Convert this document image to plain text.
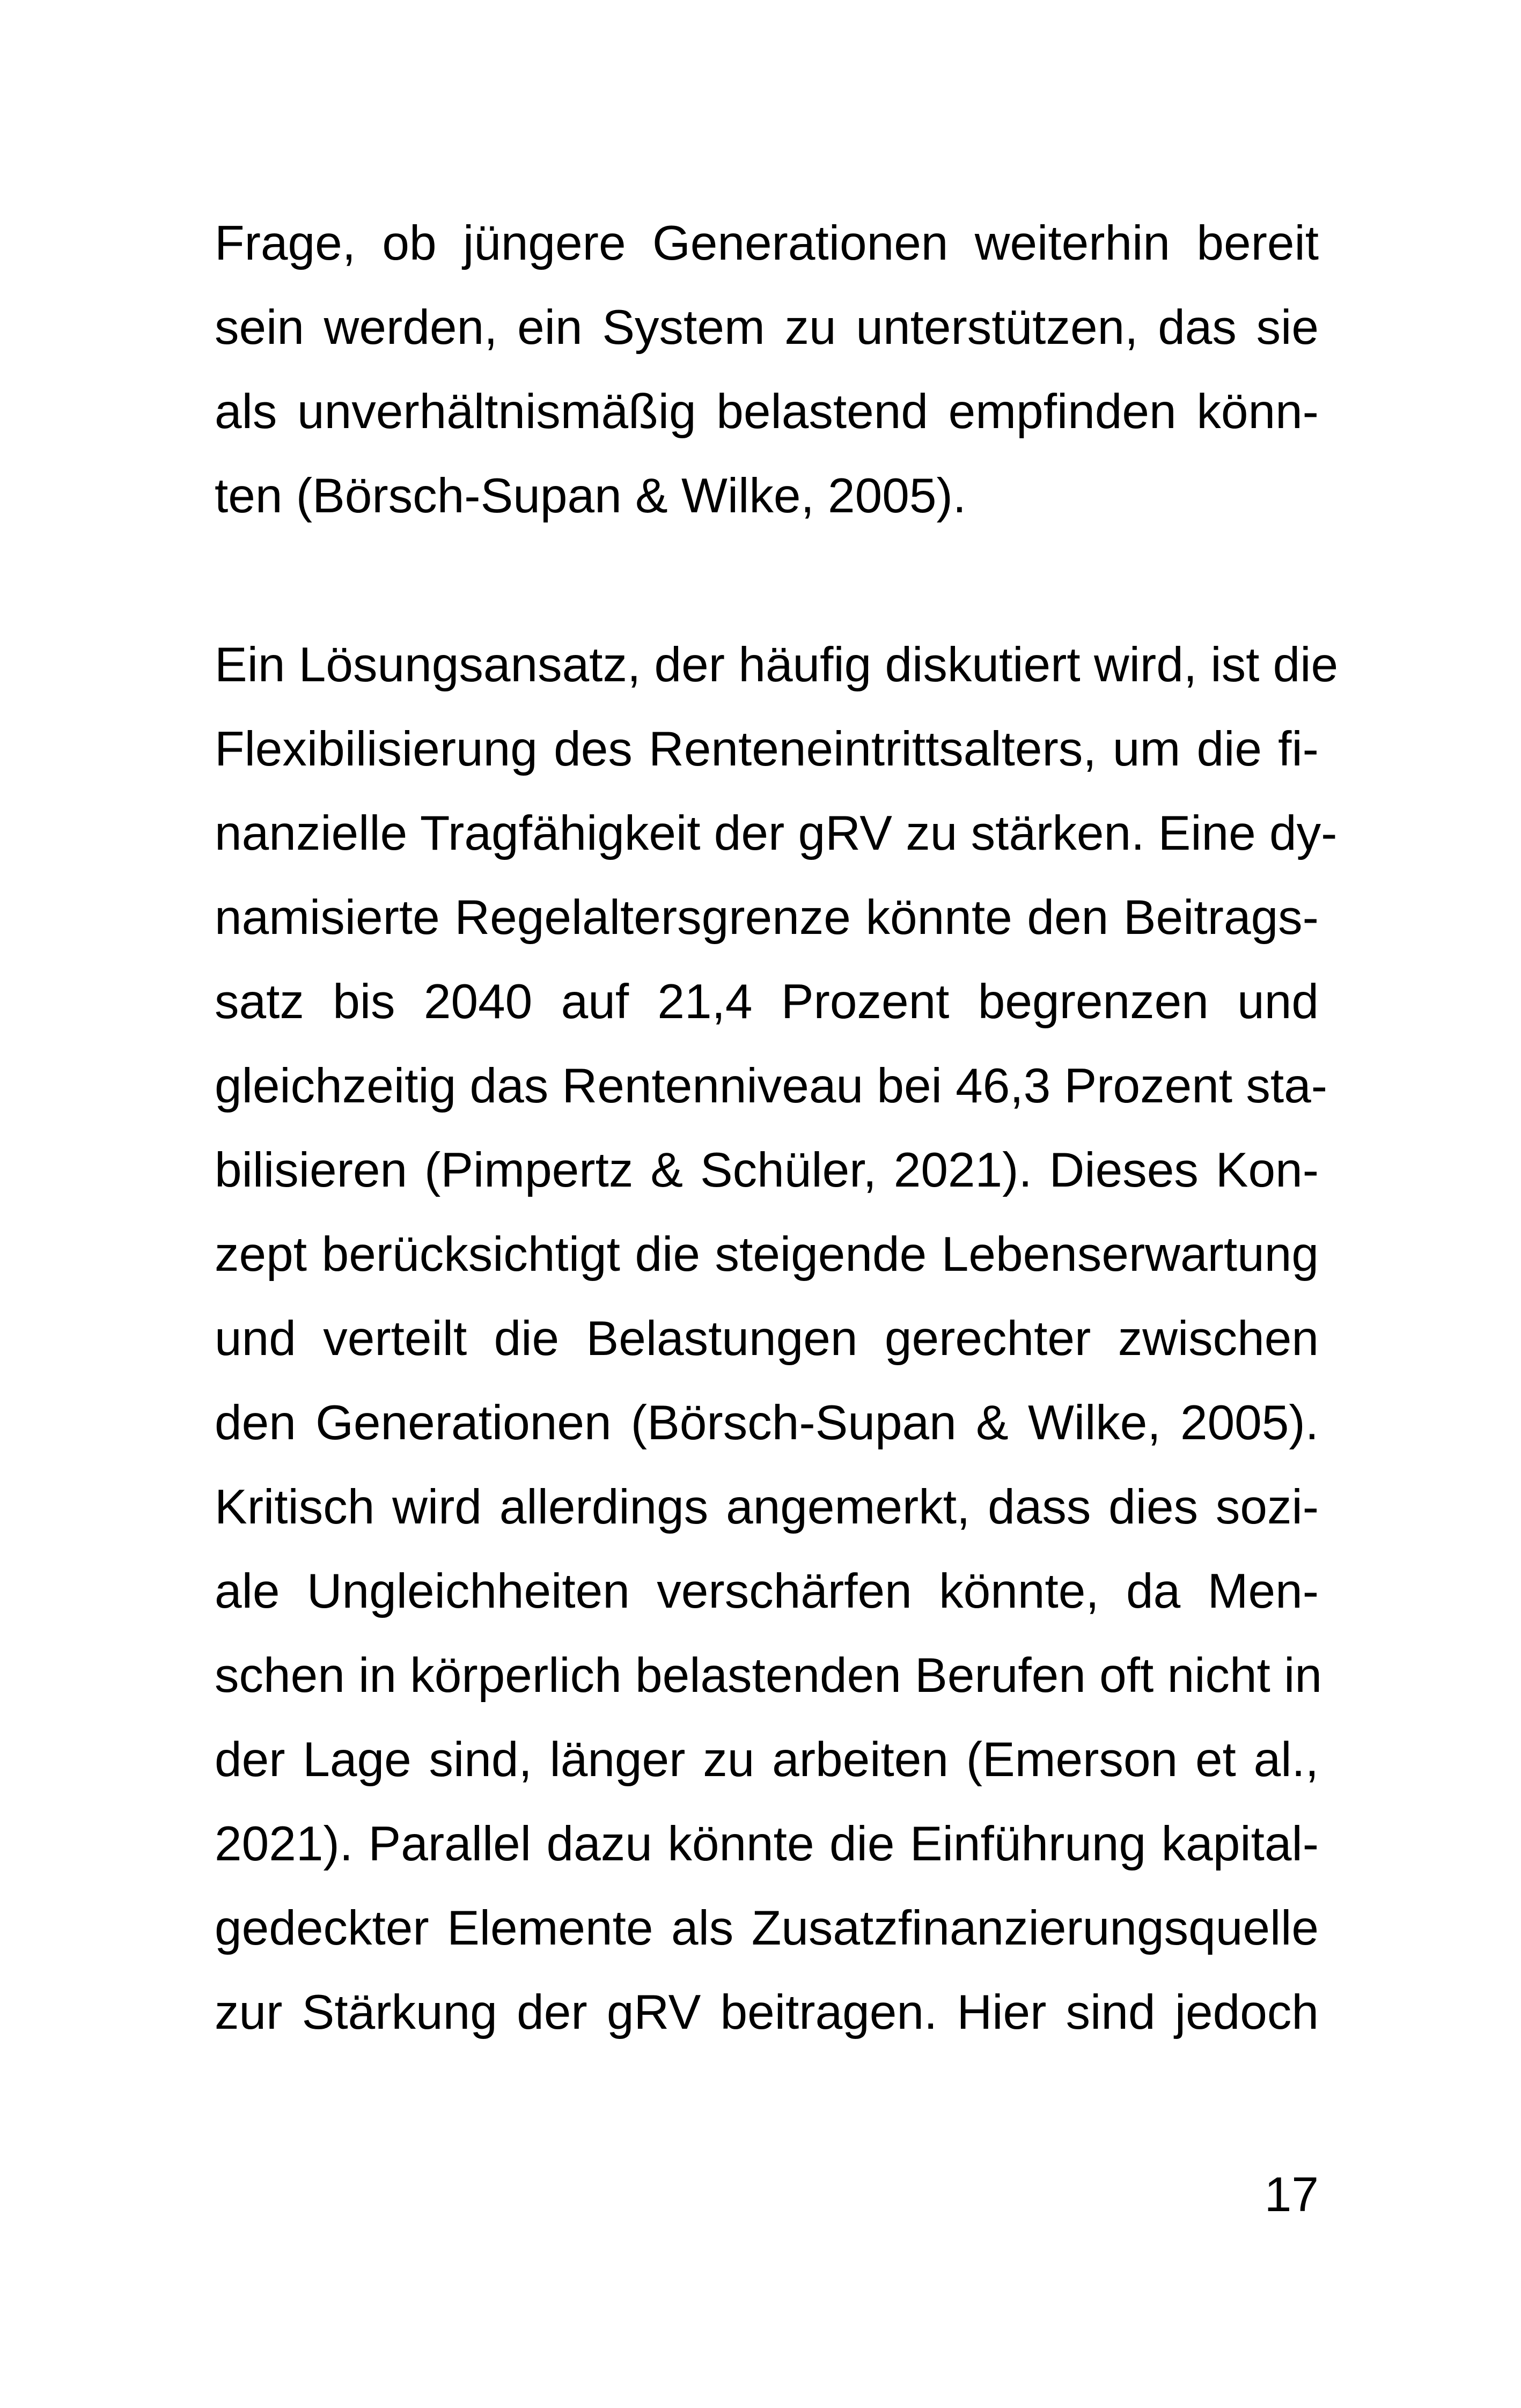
Frage, ob jüngere Generationen weiterhin bereit
sein werden, ein System zu unterstützen, das sie
als unverhältnismäßig belastend empfinden könn-
ten (Börsch-Supan & Wilke, 2005).
Ein Lösungsansatz, der häufig diskutiert wird, ist die
Flexibilisierung des Renteneintrittsalters, um die fi-
nanzielle Tragfähigkeit der gRV zu stärken. Eine dy-
namisierte Regelaltersgrenze könnte den Beitrags-
satz bis 2040 auf 21,4 Prozent begrenzen und
gleichzeitig das Rentenniveau bei 46,3 Prozent sta-
bilisieren (Pimpertz & Schüler, 2021). Dieses Kon-
zept berücksichtigt die steigende Lebenserwartung
und verteilt die Belastungen gerechter zwischen
den Generationen (Börsch-Supan & Wilke, 2005).
Kritisch wird allerdings angemerkt, dass dies sozi-
ale Ungleichheiten verschärfen könnte, da Men-
schen in körperlich belastenden Berufen oft nicht in
der Lage sind, länger zu arbeiten (Emerson et al.,
2021). Parallel dazu könnte die Einführung kapital-
gedeckter Elemente als Zusatzfinanzierungsquelle
zur Stärkung der gRV beitragen. Hier sind jedoch
17
